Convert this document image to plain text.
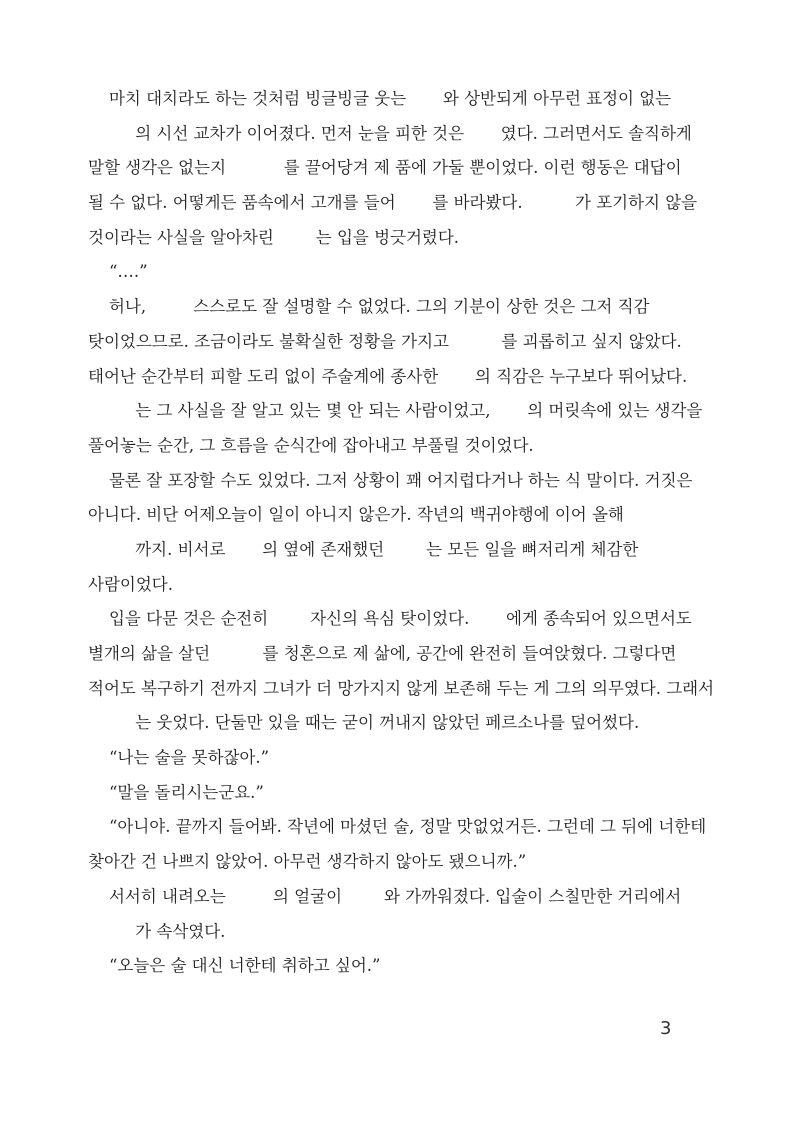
마치 대치라도 하는 것처럼 빙글빙글 웃는       와 상반되게 아무런 표정이 없는
의 시선 교차가 이어졌다. 먼저 눈을 피한 것은       였다. 그러면서도 솔직하게
말할 생각은 없는지           를 끌어당겨 제 품에 가둘 뿐이었다. 이런 행동은 대답이
될 수 없다. 어떻게든 품속에서 고개를 들어       를 바라봤다.          가 포기하지 않을
것이라는 사실을 알아차린        는 입을 벙긋거렸다.
“….”
허나,         스스로도 잘 설명할 수 없었다. 그의 기분이 상한 것은 그저 직감
탓이었으므로. 조금이라도 불확실한 정황을 가지고          를 괴롭히고 싶지 않았다.
태어난 순간부터 피할 도리 없이 주술계에 종사한       의 직감은 누구보다 뛰어났다.
는 그 사실을 잘 알고 있는 몇 안 되는 사람이었고,       의 머릿속에 있는 생각을
풀어놓는 순간, 그 흐름을 순식간에 잡아내고 부풀릴 것이었다.
물론 잘 포장할 수도 있었다. 그저 상황이 꽤 어지럽다거나 하는 식 말이다. 거짓은
아니다. 비단 어제오늘이 일이 아니지 않은가. 작년의 백귀야행에 이어 올해
까지. 비서로       의 옆에 존재했던        는 모든 일을 뼈저리게 체감한
사람이었다.
입을 다문 것은 순전히        자신의 욕심 탓이었다.       에게 종속되어 있으면서도
별개의 삶을 살던          를 청혼으로 제 삶에, 공간에 완전히 들여앉혔다. 그렇다면
적어도 복구하기 전까지 그녀가 더 망가지지 않게 보존해 두는 게 그의 의무였다. 그래서
는 웃었다. 단둘만 있을 때는 굳이 꺼내지 않았던 페르소나를 덮어썼다.
“나는 술을 못하잖아.”
“말을 돌리시는군요.”
“아니야. 끝까지 들어봐. 작년에 마셨던 술, 정말 맛없었거든. 그런데 그 뒤에 너한테
찾아간 건 나쁘지 않았어. 아무런 생각하지 않아도 됐으니까.”
서서히 내려오는         의 얼굴이        와 가까워졌다. 입술이 스칠만한 거리에서
가 속삭였다.
“오늘은 술 대신 너한테 취하고 싶어.”
3
